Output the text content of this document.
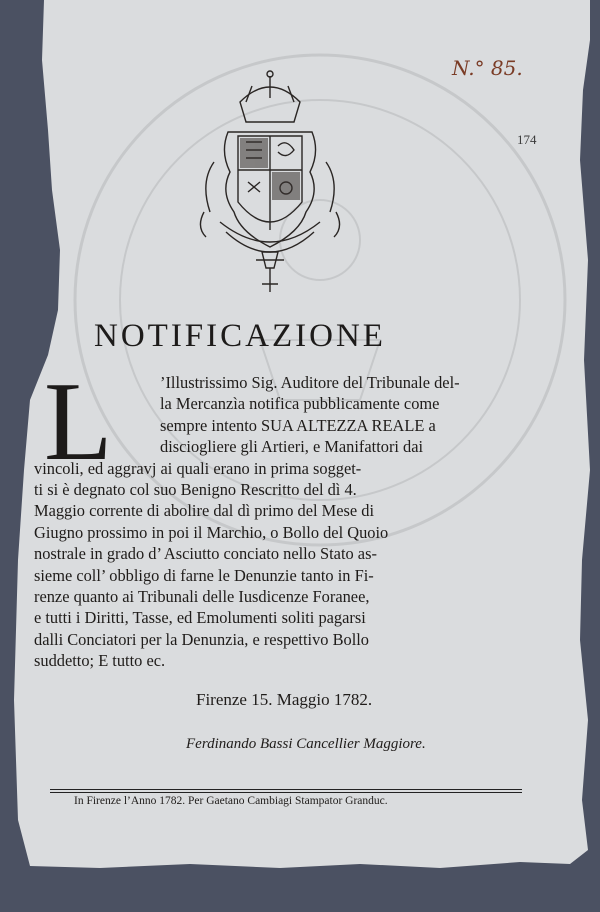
N.° 85.
174
NOTIFICAZIONE
L	’Illustrissimo Sig. Auditore del Tribunale del-
la Mercanzìa notifica pubblicamente come
sempre intento SUA ALTEZZA REALE a
disciogliere gli Artieri, e Manifattori dai
vincoli, ed aggravj ai quali erano in prima sogget-
ti si è degnato col suo Benigno Rescritto del dì 4.
Maggio corrente di abolire dal dì primo del Mese di
Giugno prossimo in poi il Marchio, o Bollo del Quoio
nostrale in grado d’ Asciutto conciato nello Stato as-
sieme coll’ obbligo di farne le Denunzie tanto in Fi-
renze quanto ai Tribunali delle Iusdicenze Foranee,
e tutti i Diritti, Tasse, ed Emolumenti soliti pagarsi
dalli Conciatori per la Denunzia, e respettivo Bollo
suddetto; E tutto ec.
Firenze 15. Maggio 1782.
Ferdinando Bassi Cancellier Maggiore.
In Firenze l’Anno 1782. Per Gaetano Cambiagi Stampator Granduc.
